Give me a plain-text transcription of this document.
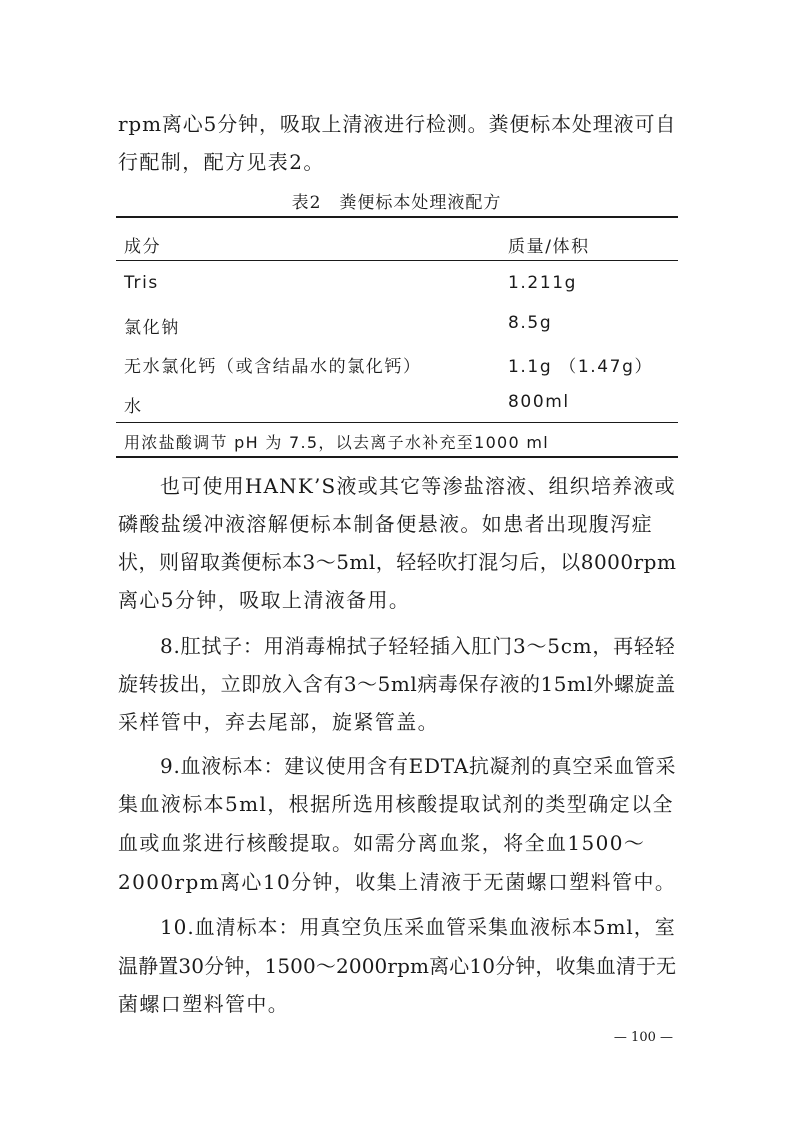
rpm离心5分钟，吸取上清液进行检测。粪便标本处理液可自
行配制，配方见表2。
表2　粪便标本处理液配方
成分	质量/体积
Tris	1.211g
氯化钠	8.5g
无水氯化钙（或含结晶水的氯化钙）	1.1g （1.47g）
水	800ml
用浓盐酸调节 pH 为 7.5，以去离子水补充至1000 ml
也可使用HANK’S液或其它等渗盐溶液、组织培养液或
磷酸盐缓冲液溶解便标本制备便悬液。如患者出现腹泻症
状，则留取粪便标本3～5ml，轻轻吹打混匀后，以8000rpm
离心5分钟，吸取上清液备用。
8.肛拭子：用消毒棉拭子轻轻插入肛门3～5cm，再轻轻
旋转拔出，立即放入含有3～5ml病毒保存液的15ml外螺旋盖
采样管中，弃去尾部，旋紧管盖。
9.血液标本：建议使用含有EDTA抗凝剂的真空采血管采
集血液标本5ml，根据所选用核酸提取试剂的类型确定以全
血或血浆进行核酸提取。如需分离血浆，将全血1500～
2000rpm离心10分钟，收集上清液于无菌螺口塑料管中。
10.血清标本：用真空负压采血管采集血液标本5ml，室
温静置30分钟，1500～2000rpm离心10分钟，收集血清于无
菌螺口塑料管中。
— 100 —
